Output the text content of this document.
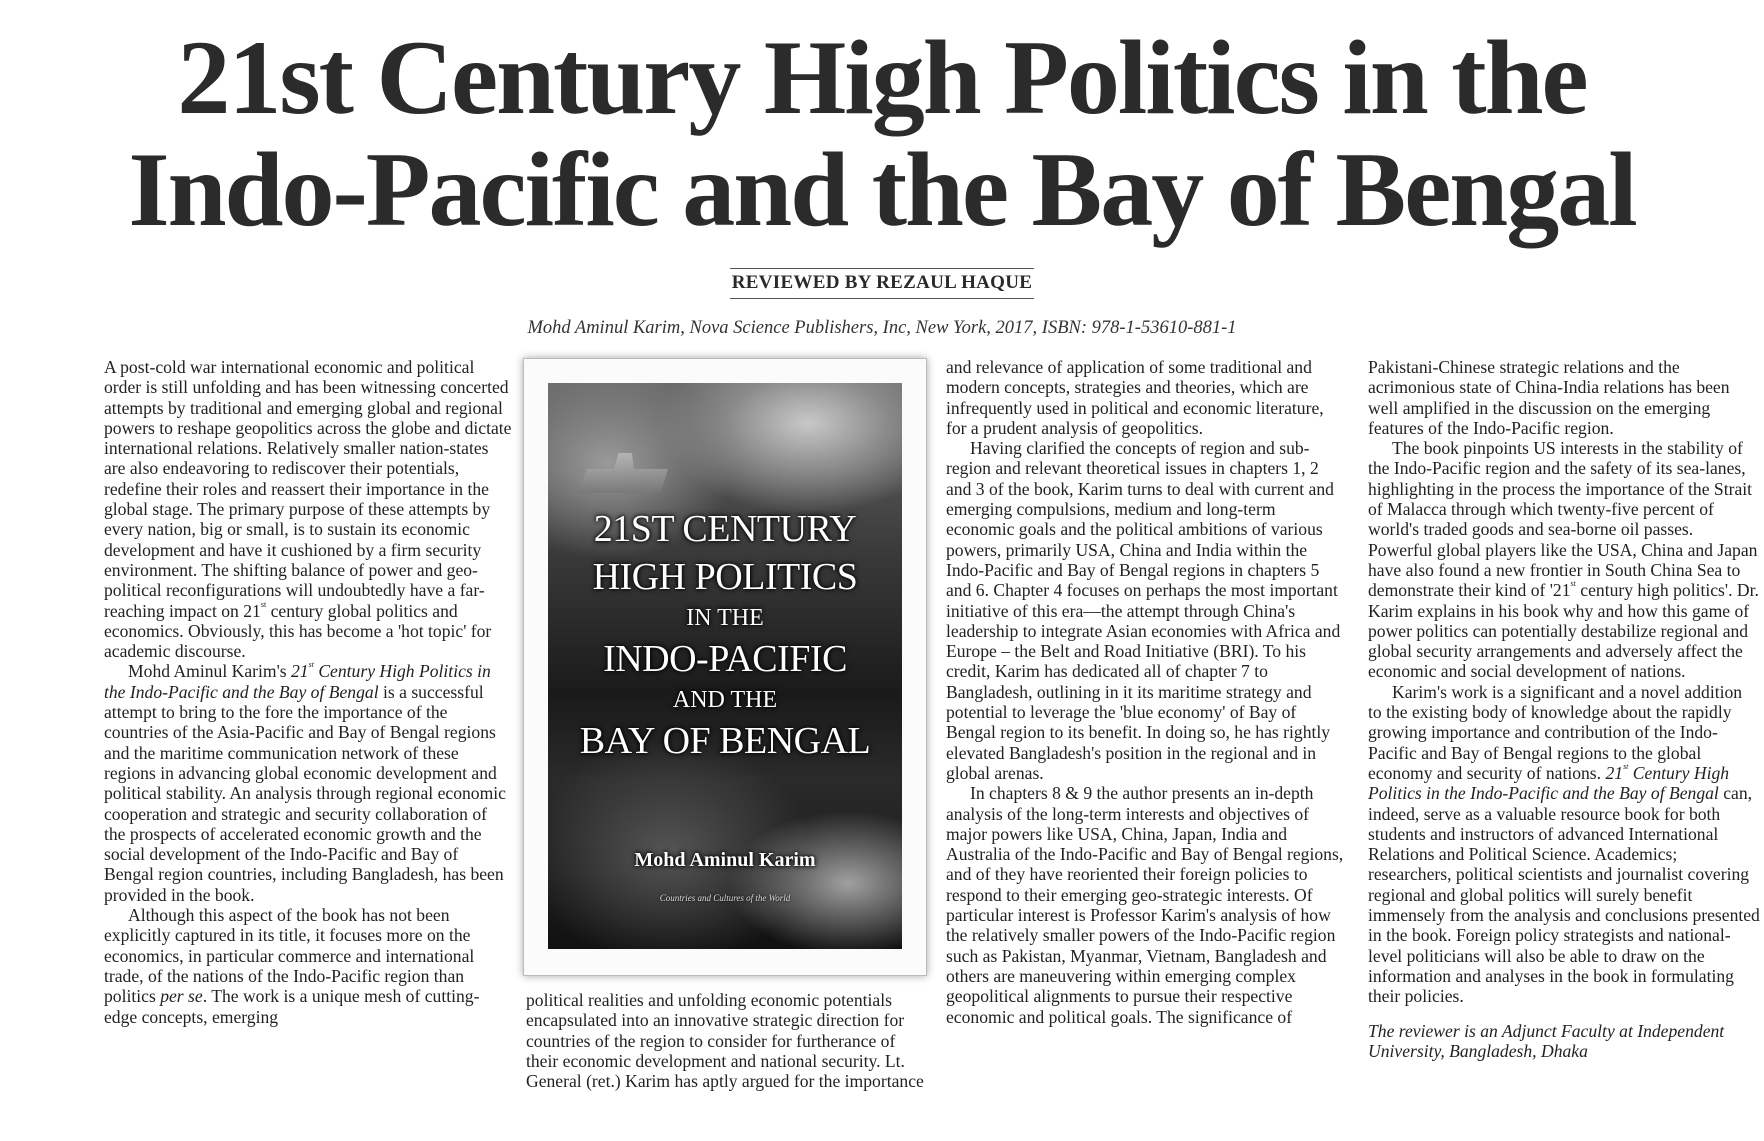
21st Century High Politics in the
Indo-Pacific and the Bay of Bengal
REVIEWED BY REZAUL HAQUE
Mohd Aminul Karim, Nova Science Publishers, Inc, New York, 2017, ISBN: 978-1-53610-881-1

A post-cold war international economic and political order is still unfolding and has been witnessing concerted attempts by traditional and emerging global and regional powers to reshape geopolitics across the globe and dictate international relations. Relatively smaller nation-states are also endeavoring to rediscover their potentials, redefine their roles and reassert their importance in the global stage. The primary purpose of these attempts by every nation, big or small, is to sustain its economic development and have it cushioned by a firm security environment. The shifting balance of power and geo-political reconfigurations will undoubtedly have a far-reaching impact on 21st century global politics and economics. Obviously, this has become a 'hot topic' for academic discourse.

Mohd Aminul Karim's 21st Century High Politics in the Indo-Pacific and the Bay of Bengal is a successful attempt to bring to the fore the importance of the countries of the Asia-Pacific and Bay of Bengal regions and the maritime communication network of these regions in advancing global economic development and political stability. An analysis through regional economic cooperation and strategic and security collaboration of the prospects of accelerated economic growth and the social development of the Indo-Pacific and Bay of Bengal region countries, including Bangladesh, has been provided in the book.

Although this aspect of the book has not been explicitly captured in its title, it focuses more on the economics, in particular commerce and international trade, of the nations of the Indo-Pacific region than politics per se. The work is a unique mesh of cutting-edge concepts, emerging

21ST CENTURY
HIGH POLITICS
IN THE
INDO-PACIFIC
AND THE
BAY OF BENGAL
Mohd Aminul Karim
Countries and Cultures of the World

political realities and unfolding economic potentials encapsulated into an innovative strategic direction for countries of the region to consider for furtherance of their economic development and national security. Lt. General (ret.) Karim has aptly argued for the importance

and relevance of application of some traditional and modern concepts, strategies and theories, which are infrequently used in political and economic literature, for a prudent analysis of geopolitics.

Having clarified the concepts of region and sub-region and relevant theoretical issues in chapters 1, 2 and 3 of the book, Karim turns to deal with current and emerging compulsions, medium and long-term economic goals and the political ambitions of various powers, primarily USA, China and India within the Indo-Pacific and Bay of Bengal regions in chapters 5 and 6. Chapter 4 focuses on perhaps the most important initiative of this era—the attempt through China's leadership to integrate Asian economies with Africa and Europe – the Belt and Road Initiative (BRI). To his credit, Karim has dedicated all of chapter 7 to Bangladesh, outlining in it its maritime strategy and potential to leverage the 'blue economy' of Bay of Bengal region to its benefit. In doing so, he has rightly elevated Bangladesh's position in the regional and in global arenas.

In chapters 8 & 9 the author presents an in-depth analysis of the long-term interests and objectives of major powers like USA, China, Japan, India and Australia of the Indo-Pacific and Bay of Bengal regions, and of they have reoriented their foreign policies to respond to their emerging geo-strategic interests. Of particular interest is Professor Karim's analysis of how the relatively smaller powers of the Indo-Pacific region such as Pakistan, Myanmar, Vietnam, Bangladesh and others are maneuvering within emerging complex geopolitical alignments to pursue their respective economic and political goals. The significance of

Pakistani-Chinese strategic relations and the acrimonious state of China-India relations has been well amplified in the discussion on the emerging features of the Indo-Pacific region.

The book pinpoints US interests in the stability of the Indo-Pacific region and the safety of its sea-lanes, highlighting in the process the importance of the Strait of Malacca through which twenty-five percent of world's traded goods and sea-borne oil passes. Powerful global players like the USA, China and Japan have also found a new frontier in South China Sea to demonstrate their kind of '21st century high politics'. Dr. Karim explains in his book why and how this game of power politics can potentially destabilize regional and global security arrangements and adversely affect the economic and social development of nations.

Karim's work is a significant and a novel addition to the existing body of knowledge about the rapidly growing importance and contribution of the Indo-Pacific and Bay of Bengal regions to the global economy and security of nations. 21st Century High Politics in the Indo-Pacific and the Bay of Bengal can, indeed, serve as a valuable resource book for both students and instructors of advanced International Relations and Political Science. Academics; researchers, political scientists and journalist covering regional and global politics will surely benefit immensely from the analysis and conclusions presented in the book. Foreign policy strategists and national-level politicians will also be able to draw on the information and analyses in the book in formulating their policies.

The reviewer is an Adjunct Faculty at Independent University, Bangladesh, Dhaka
